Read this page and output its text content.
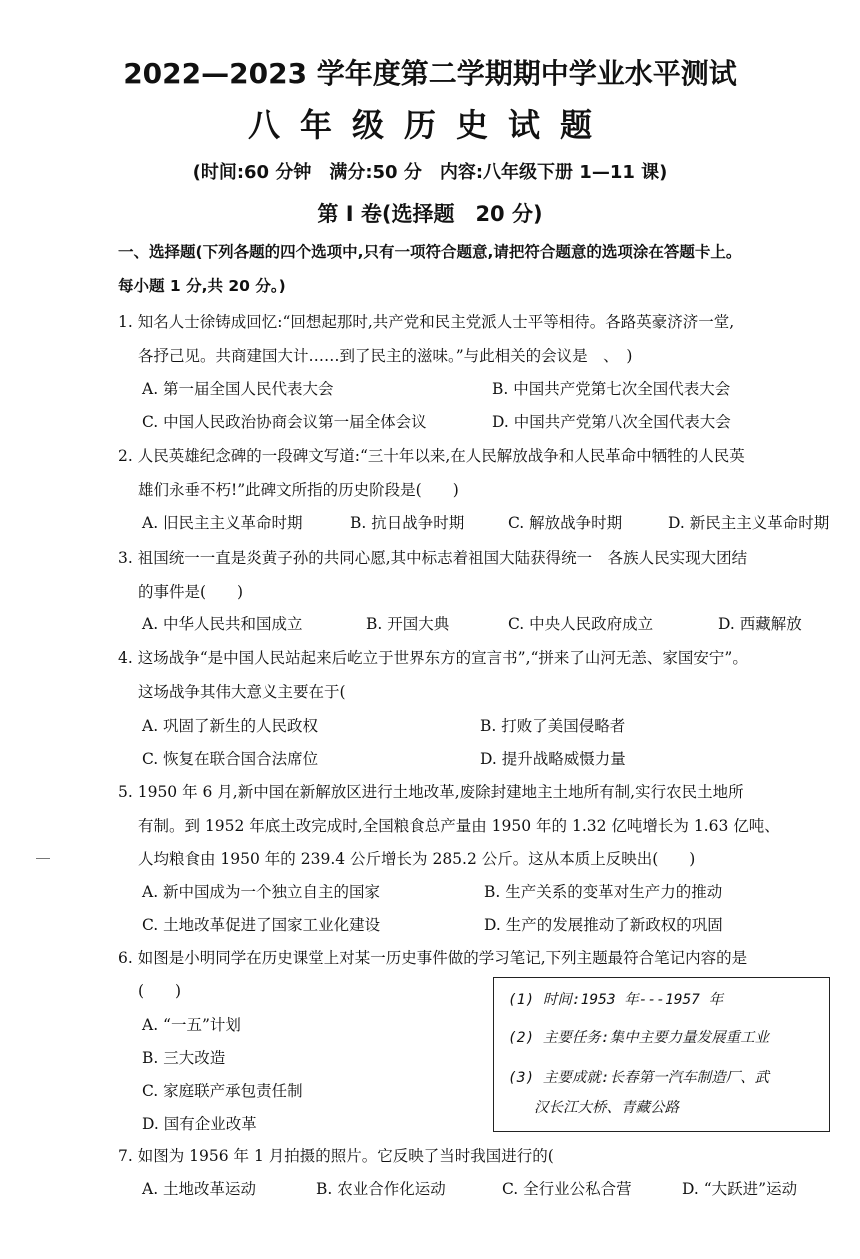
2022—2023 学年度第二学期期中学业水平测试
八年级历史试题
(时间:60 分钟　满分:50 分　内容:八年级下册 1—11 课)
第 I 卷(选择题　20 分)
一、选择题(下列各题的四个选项中,只有一项符合题意,请把符合题意的选项涂在答题卡上。
每小题 1 分,共 20 分。)
1. 知名人士徐铸成回忆:“回想起那时,共产党和民主党派人士平等相待。各路英豪济济一堂,
各抒己见。共商建国大计……到了民主的滋味。”与此相关的会议是　、　)
A. 第一届全国人民代表大会	B. 中国共产党第七次全国代表大会
C. 中国人民政治协商会议第一届全体会议	D. 中国共产党第八次全国代表大会
2. 人民英雄纪念碑的一段碑文写道:“三十年以来,在人民解放战争和人民革命中牺牲的人民英
雄们永垂不朽!”此碑文所指的历史阶段是(　　)
A. 旧民主主义革命时期	B. 抗日战争时期	C. 解放战争时期	D. 新民主主义革命时期
3. 祖国统一一直是炎黄子孙的共同心愿,其中标志着祖国大陆获得统一　各族人民实现大团结
的事件是(　　)
A. 中华人民共和国成立	B. 开国大典	C. 中央人民政府成立	D. 西藏解放
4. 这场战争“是中国人民站起来后屹立于世界东方的宣言书”,“拼来了山河无恙、家国安宁”。
这场战争其伟大意义主要在于(
A. 巩固了新生的人民政权	B. 打败了美国侵略者
C. 恢复在联合国合法席位	D. 提升战略威慑力量
5. 1950 年 6 月,新中国在新解放区进行土地改革,废除封建地主土地所有制,实行农民土地所
有制。到 1952 年底土改完成时,全国粮食总产量由 1950 年的 1.32 亿吨增长为 1.63 亿吨、
人均粮食由 1950 年的 239.4 公斤增长为 285.2 公斤。这从本质上反映出(　　)
A. 新中国成为一个独立自主的国家	B. 生产关系的变革对生产力的推动
C. 土地改革促进了国家工业化建设	D. 生产的发展推动了新政权的巩固
6. 如图是小明同学在历史课堂上对某一历史事件做的学习笔记,下列主题最符合笔记内容的是
(　　)
A. “一五”计划
B. 三大改造
C. 家庭联产承包责任制
D. 国有企业改革
(1) 时间:1953 年---1957 年
(2) 主要任务:集中主要力量发展重工业
(3) 主要成就:长春第一汽车制造厂、武
汉长江大桥、青藏公路
7. 如图为 1956 年 1 月拍摄的照片。它反映了当时我国进行的(　　
A. 土地改革运动	B. 农业合作化运动	C. 全行业公私合营	D. “大跃进”运动
